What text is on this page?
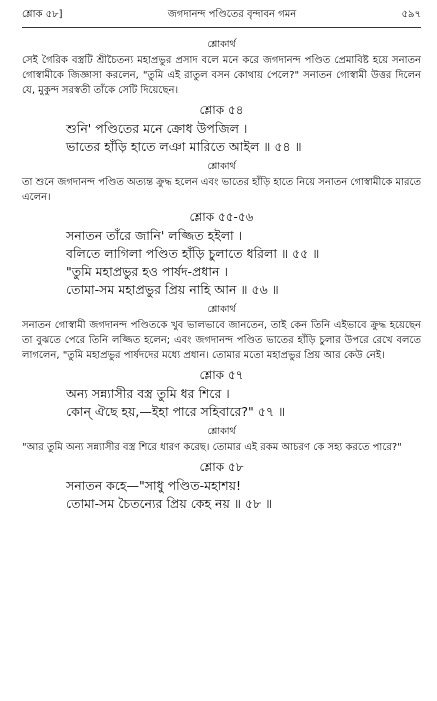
শ্লোক ৫৮]	জগদানন্দ পণ্ডিতের বৃন্দাবন গমন	৫৯৭
শ্লোকার্থ

সেই গৈরিক বস্ত্রটি শ্রীচৈতন্য মহাপ্রভুর প্রসাদ বলে মনে করে জগদানন্দ পণ্ডিত প্রেমাবিষ্ট হয়ে সনাতন গোস্বামীকে জিজ্ঞাসা করলেন, "তুমি এই রাতুল বসন কোথায় পেলে?" সনাতন গোস্বামী উত্তর দিলেন যে, মুকুন্দ সরস্বতী তাঁকে সেটি দিয়েছেন।

শ্লোক ৫৪
শুনি' পণ্ডিতের মনে ক্রোধ উপজিল ।
ভাতের হাঁড়ি হাতে লঞা মারিতে আইল ॥ ৫৪ ॥
শ্লোকার্থ

তা শুনে জগদানন্দ পণ্ডিত অত্যন্ত ক্রুদ্ধ হলেন এবং ভাতের হাঁড়ি হাতে নিয়ে সনাতন গোস্বামীকে মারতে এলেন।

শ্লোক ৫৫-৫৬
সনাতন তাঁরে জানি' লজ্জিত হইলা ।
বলিতে লাগিলা পণ্ডিত হাঁড়ি চুলাতে ধরিলা ॥ ৫৫ ॥
"তুমি মহাপ্রভুর হও পার্ষদ-প্রধান ।
তোমা-সম মহাপ্রভুর প্রিয় নাহি আন ॥ ৫৬ ॥
শ্লোকার্থ

সনাতন গোস্বামী জগদানন্দ পণ্ডিতকে খুব ভালভাবে জানতেন, তাই কেন তিনি এইভাবে ক্রুদ্ধ হয়েছেন তা বুঝতে পেরে তিনি লজ্জিত হলেন; এবং জগদানন্দ পণ্ডিত ভাতের হাঁড়ি চুলার উপরে রেখে বলতে লাগলেন, "তুমি মহাপ্রভুর পার্ষদদের মধ্যে প্রধান। তোমার মতো মহাপ্রভুর প্রিয় আর কেউ নেই।

শ্লোক ৫৭
অন্য সন্ন্যাসীর বস্ত্র তুমি ধর শিরে ।
কোন্ ঐছে হয়,—ইহা পারে সহিবারে?" ৫৭ ॥
শ্লোকার্থ

"আর তুমি অন্য সন্ন্যাসীর বস্ত্র শিরে ধারণ করেছ। তোমার এই রকম আচরণ কে সহ্য করতে পারে?"

শ্লোক ৫৮
সনাতন কহে—"সাধু পণ্ডিত-মহাশয়!
তোমা-সম চৈতন্যের প্রিয় কেহ নয় ॥ ৫৮ ॥
